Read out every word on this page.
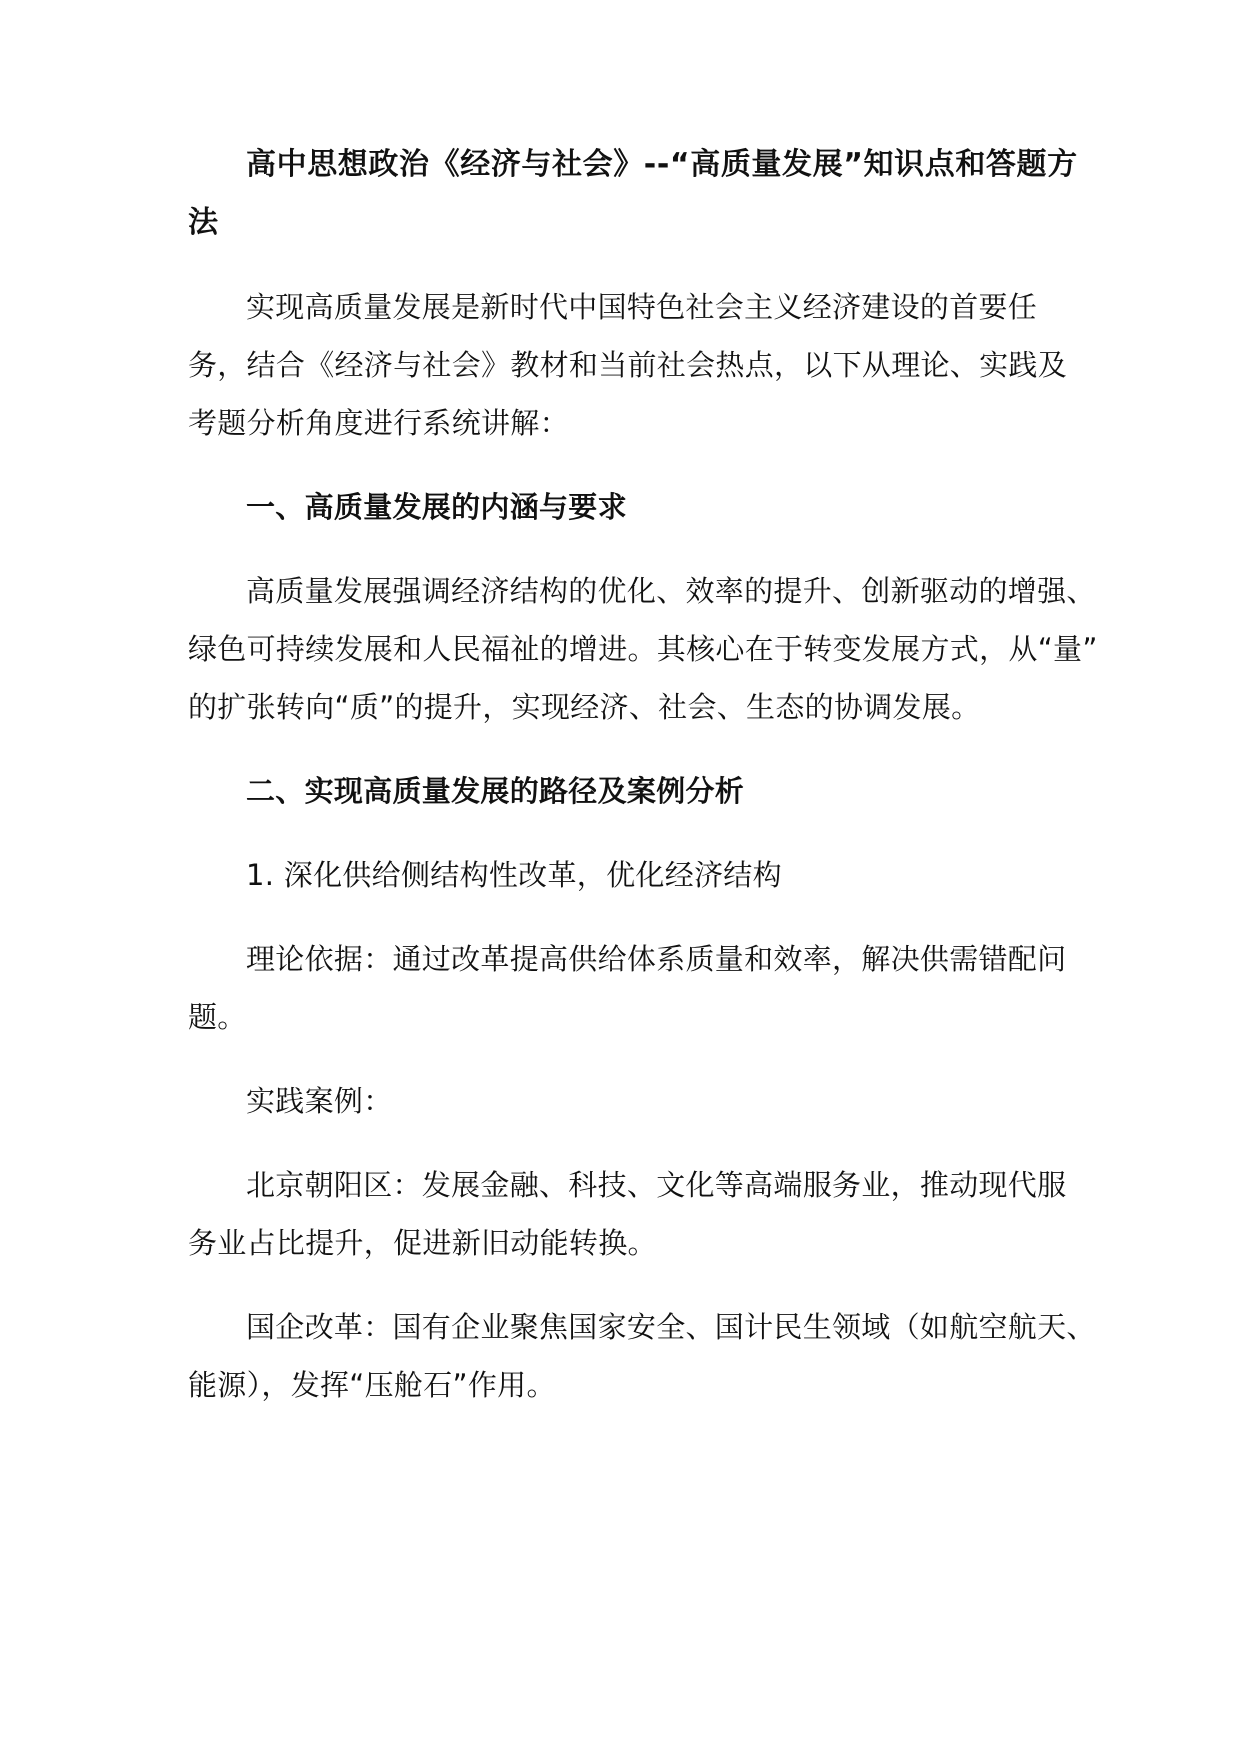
高中思想政治《经济与社会》--“高质量发展”知识点和答题方
法
实现高质量发展是新时代中国特色社会主义经济建设的首要任
务，结合《经济与社会》教材和当前社会热点，以下从理论、实践及
考题分析角度进行系统讲解：
一、高质量发展的内涵与要求
高质量发展强调经济结构的优化、效率的提升、创新驱动的增强、
绿色可持续发展和人民福祉的增进。其核心在于转变发展方式，从“量”
的扩张转向“质”的提升，实现经济、社会、生态的协调发展。
二、实现高质量发展的路径及案例分析
1. 深化供给侧结构性改革，优化经济结构
理论依据：通过改革提高供给体系质量和效率，解决供需错配问
题。
实践案例：
北京朝阳区：发展金融、科技、文化等高端服务业，推动现代服
务业占比提升，促进新旧动能转换。
国企改革：国有企业聚焦国家安全、国计民生领域（如航空航天、
能源），发挥“压舱石”作用。
